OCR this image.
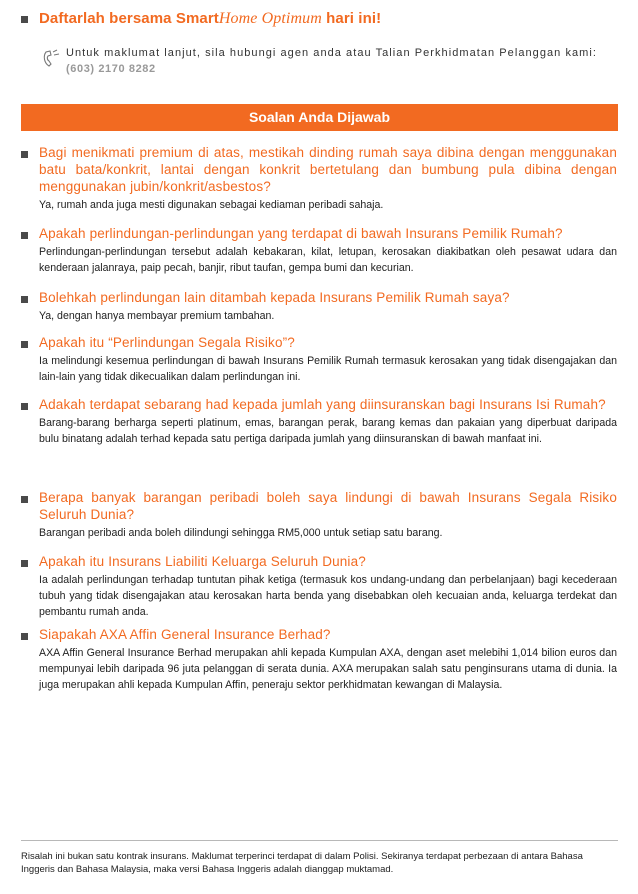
Daftarlah bersama SmartHome Optimum hari ini!
Untuk maklumat lanjut, sila hubungi agen anda atau Talian Perkhidmatan Pelanggan kami:
(603) 2170 8282
Soalan Anda Dijawab
Bagi menikmati premium di atas, mestikah dinding rumah saya dibina dengan menggunakan batu bata/konkrit, lantai dengan konkrit bertetulang dan bumbung pula dibina dengan menggunakan jubin/konkrit/asbestos?
Ya, rumah anda juga mesti digunakan sebagai kediaman peribadi sahaja.
Apakah perlindungan-perlindungan yang terdapat di bawah Insurans Pemilik Rumah?
Perlindungan-perlindungan tersebut adalah kebakaran, kilat, letupan, kerosakan diakibatkan oleh pesawat udara dan kenderaan jalanraya, paip pecah, banjir, ribut taufan, gempa bumi dan kecurian.
Bolehkah perlindungan lain ditambah kepada Insurans Pemilik Rumah saya?
Ya, dengan hanya membayar premium tambahan.
Apakah itu “Perlindungan Segala Risiko”?
Ia melindungi kesemua perlindungan di bawah Insurans Pemilik Rumah termasuk kerosakan yang tidak disengajakan dan lain-lain yang tidak dikecualikan dalam perlindungan ini.
Adakah terdapat sebarang had kepada jumlah yang diinsuranskan bagi Insurans Isi Rumah?
Barang-barang berharga seperti platinum, emas, barangan perak, barang kemas dan pakaian yang diperbuat daripada bulu binatang adalah terhad kepada satu pertiga daripada jumlah yang diinsuranskan di bawah manfaat ini.
Berapa banyak barangan peribadi boleh saya lindungi di bawah Insurans Segala Risiko Seluruh Dunia?
Barangan peribadi anda boleh dilindungi sehingga RM5,000 untuk setiap satu barang.
Apakah itu Insurans Liabiliti Keluarga Seluruh Dunia?
Ia adalah perlindungan terhadap tuntutan pihak ketiga (termasuk kos undang-undang dan perbelanjaan) bagi kecederaan tubuh yang tidak disengajakan atau kerosakan harta benda yang disebabkan oleh kecuaian anda, keluarga terdekat dan pembantu rumah anda.
Siapakah AXA Affin General Insurance Berhad?
AXA Affin General Insurance Berhad merupakan ahli kepada Kumpulan AXA, dengan aset melebihi 1,014 bilion euros dan mempunyai lebih daripada 96 juta pelanggan di serata dunia. AXA merupakan salah satu penginsurans utama di dunia. Ia juga merupakan ahli kepada Kumpulan Affin, peneraju sektor perkhidmatan kewangan di Malaysia.
Risalah ini bukan satu kontrak insurans. Maklumat terperinci terdapat di dalam Polisi. Sekiranya terdapat perbezaan di antara Bahasa Inggeris dan Bahasa Malaysia, maka versi Bahasa Inggeris adalah dianggap muktamad.
